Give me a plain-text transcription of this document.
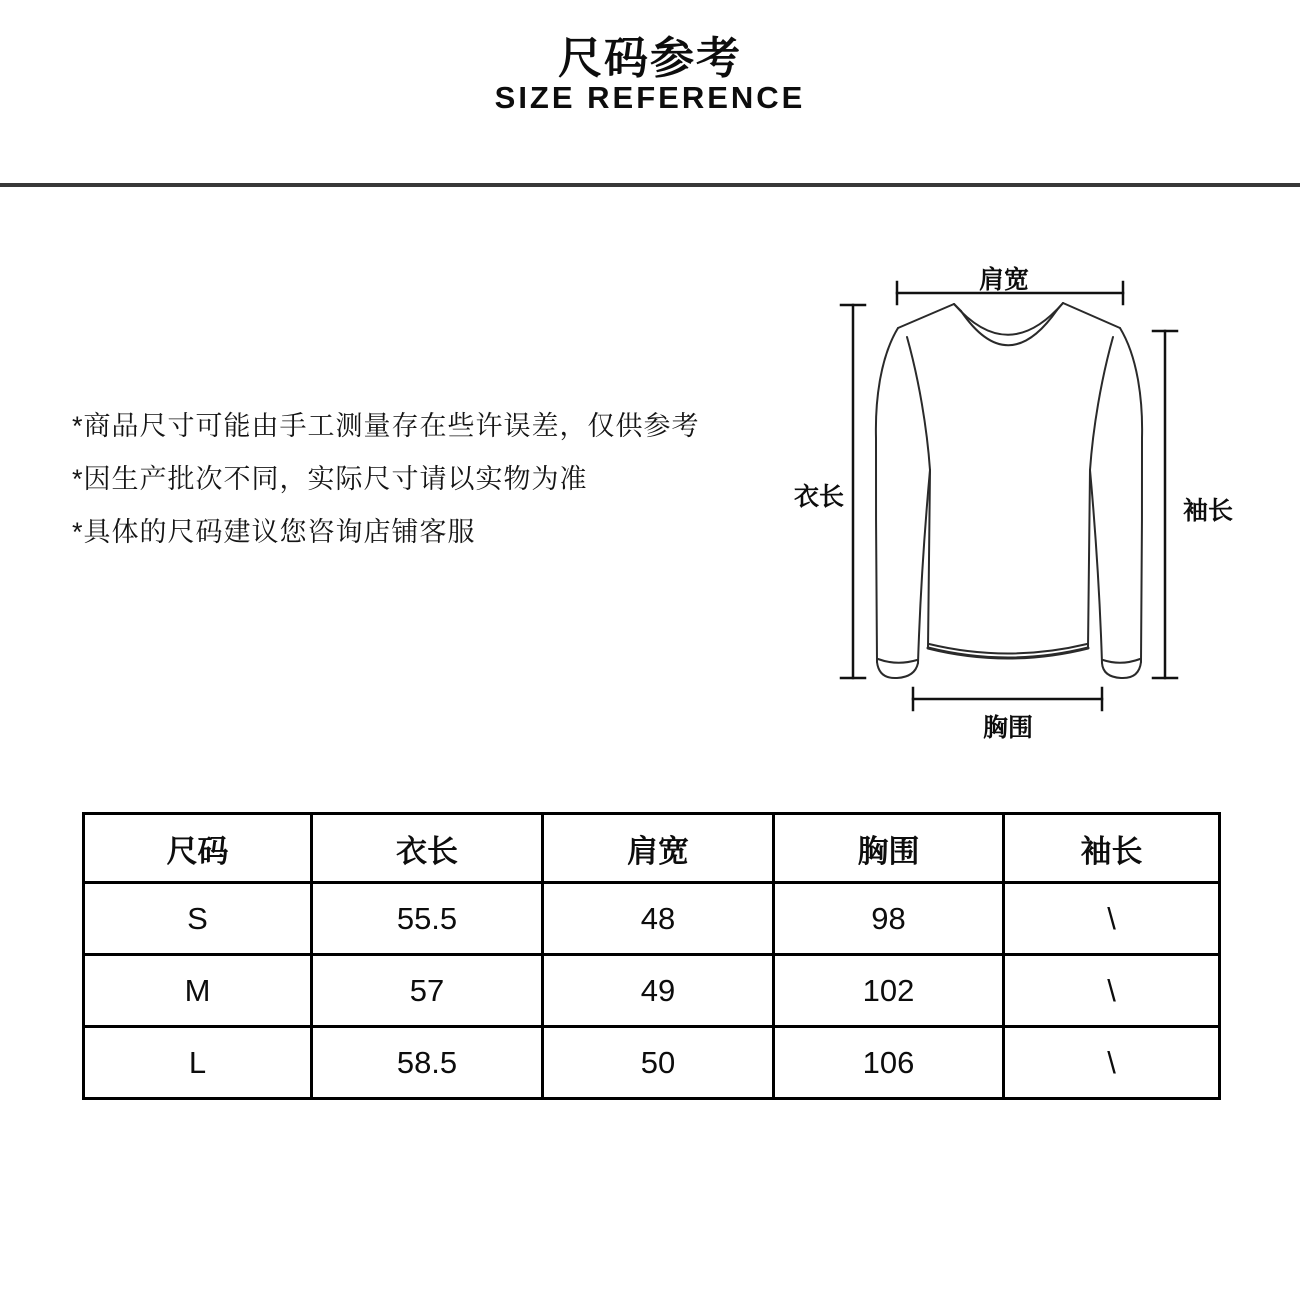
尺码参考
SIZE REFERENCE
*商品尺寸可能由手工测量存在些许误差，仅供参考
*因生产批次不同，实际尺寸请以实物为准
*具体的尺码建议您咨询店铺客服
肩宽
衣长	袖长
胸围
尺码	衣长	肩宽	胸围	袖长
S	55.5	48	98	\
M	57	49	102	\
L	58.5	50	106	\
